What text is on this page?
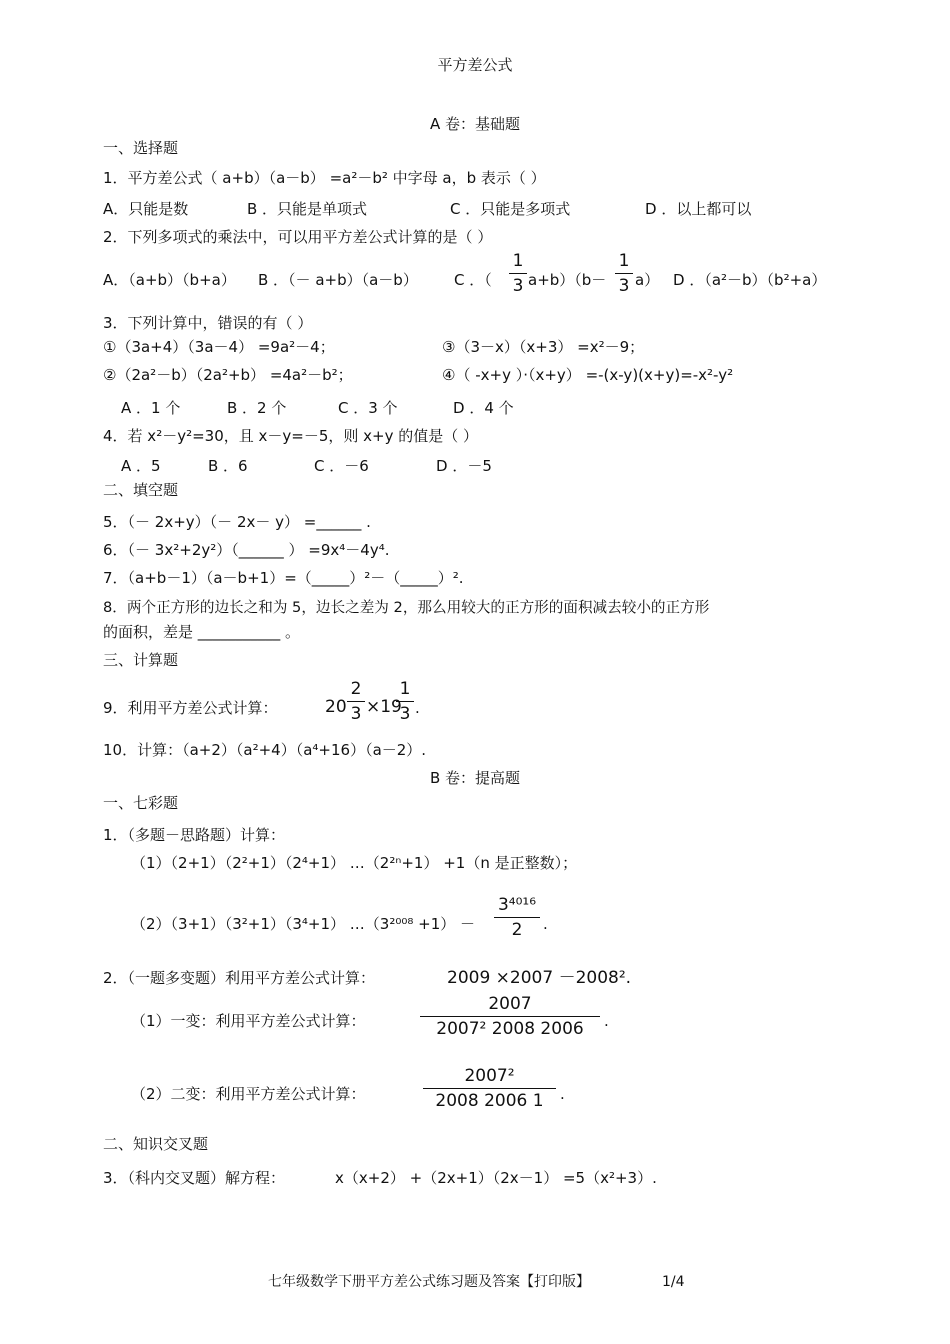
平方差公式
A 卷：基础题
一、选择题
1．平方差公式（ a+b）（a－b） =a²－b² 中字母 a，b 表示（ ）
A．只能是数	B ．只能是单项式	C ．只能是多项式	D ．以上都可以
2．下列多项式的乘法中，可以用平方差公式计算的是（ ）
A．（a+b）（b+a） B ．（－ a+b）（a－b） C ．（
1
3 a+b）（b－
1
3 a） D ．（a²－b）（b²+a）
3．下列计算中，错误的有（ ）
①（3a+4）（3a－4） =9a²－4；	③（3－x）（x+3） =x²－9；
②（2a²－b）（2a²+b） =4a²－b²；	④（ -x+y ）·（x+y） =-(x-y)(x+y)=-x²-y²
A ．1 个	B ．2 个	C ．3 个	D ．4 个
4．若 x²－y²=30，且 x－y=－5，则 x+y 的值是（ ）
A ．5	B ．6	C ．－6	D ．－5
二、填空题
5．（－ 2x+y）（－ 2x－ y） =______ .
6．（－ 3x²+2y²）（______ ） =9x⁴－4y⁴.
7．（a+b－1）（a－b+1）=（_____）²－（_____）².
8．两个正方形的边长之和为 5，边长之差为 2，那么用较大的正方形的面积减去较小的正方形
的面积，差是 ___________ 。
三、计算题
9．利用平方差公式计算：	20
2
3 ×19
1
3 .
10．计算：（a+2）（a²+4）（a⁴+16）（a－2）.
B 卷：提高题
一、七彩题
1．（多题－思路题）计算：
（1）（2+1）（2²+1）（2⁴+1） …（2²ⁿ+1） +1（n 是正整数）；
（2）（3+1）（3²+1）（3⁴+1） …（3²⁰⁰⁸ +1） －
3⁴⁰¹⁶
2	.
2．（一题多变题）利用平方差公式计算：	2009 ×2007 －2008².
（1）一变：利用平方差公式计算：
2007
2007² 2008 2006	.
（2）二变：利用平方差公式计算：
2007²
2008 2006 1	.
二、知识交叉题
3．（科内交叉题）解方程：	x（x+2） +（2x+1）（2x－1） =5（x²+3）.
七年级数学下册平方差公式练习题及答案【打印版】	1/4
